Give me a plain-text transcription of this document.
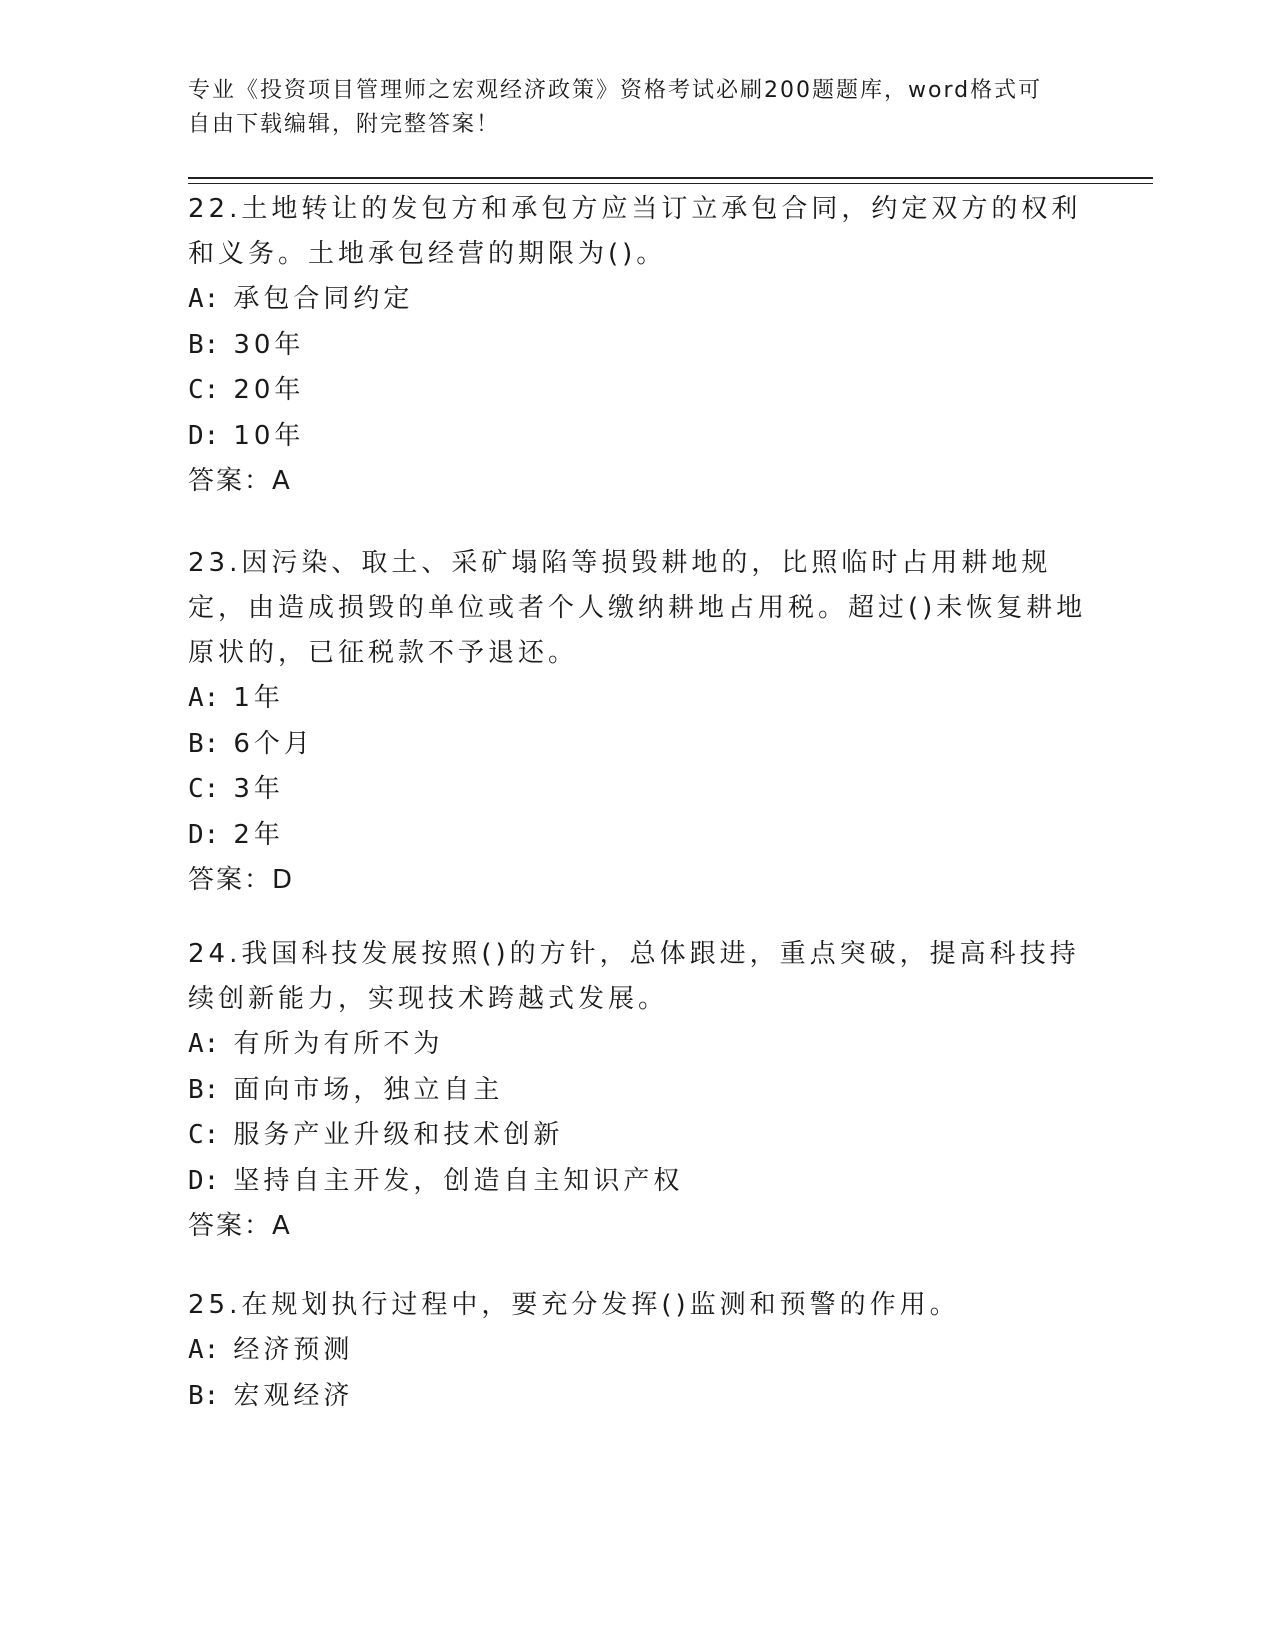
专业《投资项目管理师之宏观经济政策》资格考试必刷200题题库，word格式可
自由下载编辑，附完整答案！
22.土地转让的发包方和承包方应当订立承包合同，约定双方的权利和义务。土地承包经营的期限为()。
A: 承包合同约定
B: 30年
C: 20年
D: 10年
答案：A
23.因污染、取土、采矿塌陷等损毁耕地的，比照临时占用耕地规定，由造成损毁的单位或者个人缴纳耕地占用税。超过()未恢复耕地原状的，已征税款不予退还。
A: 1年
B: 6个月
C: 3年
D: 2年
答案：D
24.我国科技发展按照()的方针，总体跟进，重点突破，提高科技持续创新能力，实现技术跨越式发展。
A: 有所为有所不为
B: 面向市场，独立自主
C: 服务产业升级和技术创新
D: 坚持自主开发，创造自主知识产权
答案：A
25.在规划执行过程中，要充分发挥()监测和预警的作用。
A: 经济预测
B: 宏观经济
